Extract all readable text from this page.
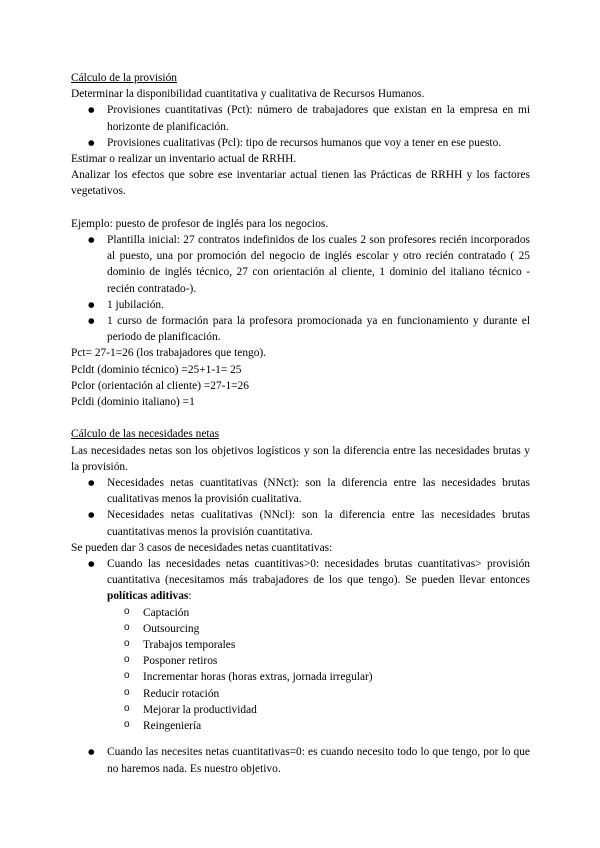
Cálculo de la provisión

Determinar la disponibilidad cuantitativa y cualitativa de Recursos Humanos.

● Provisiones cuantitativas (Pct): número de trabajadores que existan en la empresa en mi horizonte de planificación.
● Provisiones cualitativas (Pcl): tipo de recursos humanos que voy a tener en ese puesto.

Estimar o realizar un inventario actual de RRHH.

Analizar los efectos que sobre ese inventariar actual tienen las Prácticas de RRHH y los factores vegetativos.

Ejemplo: puesto de profesor de inglés para los negocios.

● Plantilla inicial: 27 contratos indefinidos de los cuales 2 son profesores recién incorporados al puesto, una por promoción del negocio de inglés escolar y otro recién contratado ( 25 dominio de inglés técnico, 27 con orientación al cliente, 1 dominio del italiano técnico -recién contratado-).
● 1 jubilación.
● 1 curso de formación para la profesora promocionada ya en funcionamiento y durante el periodo de planificación.

Pct= 27-1=26 (los trabajadores que tengo).

Pcldt (dominio técnico) =25+1-1= 25

Pclor (orientación al cliente) =27-1=26

Pcldi (dominio italiano) =1

Cálculo de las necesidades netas

Las necesidades netas son los objetivos logísticos y son la diferencia entre las necesidades brutas y la provisión.

● Necesidades netas cuantitativas (NNct): son la diferencia entre las necesidades brutas cualitativas menos la provisión cualitativa.
● Necesidades netas cualitativas (NNcl): son la diferencia entre las necesidades brutas cuantitativas menos la provisión cuantitativa.

Se pueden dar 3 casos de necesidades netas cuantitativas:

● Cuando las necesidades netas cuantitivas>0: necesidades brutas cuantitativas> provisión cuantitativa (necesitamos más trabajadores de los que tengo). Se pueden llevar entonces políticas aditivas:
o Captación
o Outsourcing
o Trabajos temporales
o Posponer retiros
o Incrementar horas (horas extras, jornada irregular)
o Reducir rotación
o Mejorar la productividad
o Reingeniería
● Cuando las necesites netas cuantitativas=0: es cuando necesito todo lo que tengo, por lo que no haremos nada. Es nuestro objetivo.
